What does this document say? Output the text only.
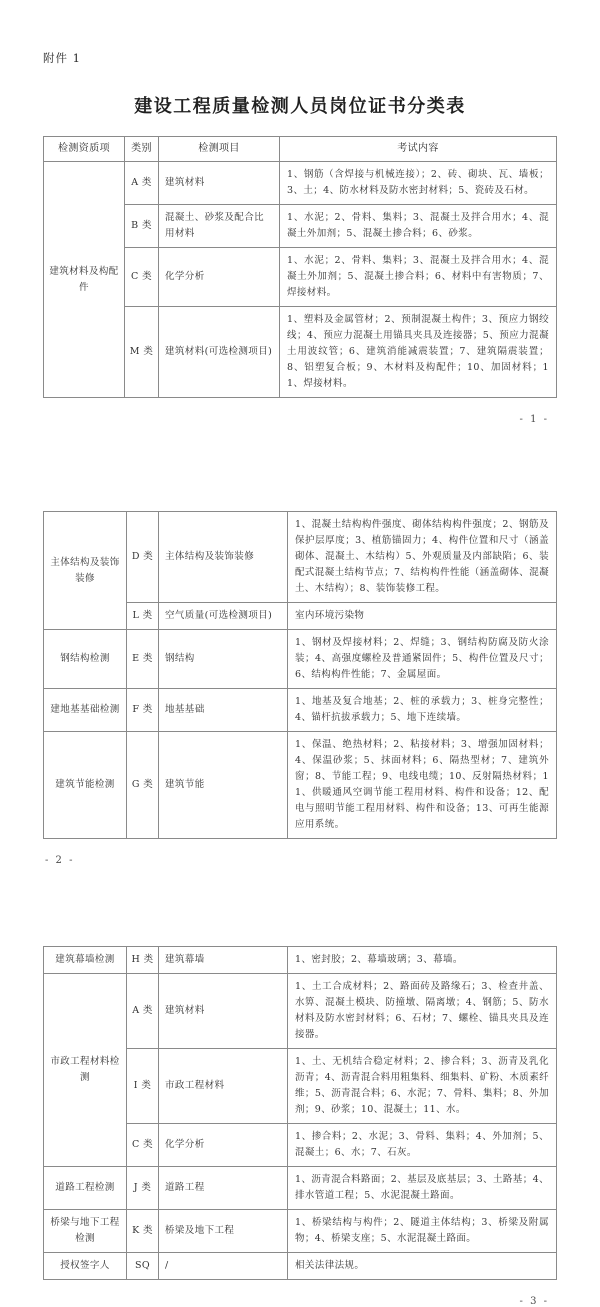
附件 1
建设工程质量检测人员岗位证书分类表
检测资质项	类别	检测项目	考试内容
建筑材料及构配件	A 类	建筑材料	1、钢筋（含焊接与机械连接）；2、砖、砌块、瓦、墙板；3、土；4、防水材料及防水密封材料；5、瓷砖及石材。
	B 类	混凝土、砂浆及配合比用材料	1、水泥；2、骨料、集料；3、混凝土及拌合用水；4、混凝土外加剂；5、混凝土掺合料；6、砂浆。
	C 类	化学分析	1、水泥；2、骨料、集料；3、混凝土及拌合用水；4、混凝土外加剂；5、混凝土掺合料；6、材料中有害物质；7、焊接材料。
	M 类	建筑材料(可选检测项目)	1、塑料及金属管材；2、预制混凝土构件；3、预应力钢绞线；4、预应力混凝土用锚具夹具及连接器；5、预应力混凝土用波纹管；6、建筑消能减震装置；7、建筑隔震装置；8、铝塑复合板；9、木材料及构配件；10、加固材料；11、焊接材料。
- 1 -
主体结构及装饰装修	D 类	主体结构及装饰装修	1、混凝土结构构件强度、砌体结构构件强度；2、钢筋及保护层厚度；3、植筋锚固力；4、构件位置和尺寸（涵盖砌体、混凝土、木结构）5、外观质量及内部缺陷；6、装配式混凝土结构节点；7、结构构件性能（涵盖砌体、混凝土、木结构）；8、装饰装修工程。
	L 类	空气质量(可选检测项目)	室内环境污染物
钢结构检测	E 类	钢结构	1、钢材及焊接材料；2、焊缝；3、钢结构防腐及防火涂装；4、高强度螺栓及普通紧固件；5、构件位置及尺寸；6、结构构件性能；7、金属屋面。
建地基基础检测	F 类	地基基础	1、地基及复合地基；2、桩的承载力；3、桩身完整性；4、锚杆抗拔承载力；5、地下连续墙。
建筑节能检测	G 类	建筑节能	1、保温、绝热材料；2、粘接材料；3、增强加固材料；4、保温砂浆；5、抹面材料；6、隔热型材；7、建筑外窗；8、节能工程；9、电线电缆；10、反射隔热材料；11、供暖通风空调节能工程用材料、构件和设备；12、配电与照明节能工程用材料、构件和设备；13、可再生能源应用系统。
- 2 -
建筑幕墙检测	H 类	建筑幕墙	1、密封胶；2、幕墙玻璃；3、幕墙。
市政工程材料检测	A 类	建筑材料	1、土工合成材料；2、路面砖及路缘石；3、检查井盖、水箅、混凝土模块、防撞墩、隔离墩；4、钢筋；5、防水材料及防水密封材料；6、石材；7、螺栓、锚具夹具及连接器。
	I 类	市政工程材料	1、土、无机结合稳定材料；2、掺合料；3、沥青及乳化沥青；4、沥青混合料用粗集料、细集料、矿粉、木质素纤维；5、沥青混合料；6、水泥；7、骨料、集料；8、外加剂；9、砂浆；10、混凝土；11、水。
	C 类	化学分析	1、掺合料；2、水泥；3、骨料、集料；4、外加剂；5、混凝土；6、水；7、石灰。
道路工程检测	J 类	道路工程	1、沥青混合料路面；2、基层及底基层；3、土路基；4、排水管道工程；5、水泥混凝土路面。
桥梁与地下工程检测	K 类	桥梁及地下工程	1、桥梁结构与构件；2、隧道主体结构；3、桥梁及附属物；4、桥梁支座；5、水泥混凝土路面。
授权签字人	SQ	/	相关法律法规。
- 3 -
